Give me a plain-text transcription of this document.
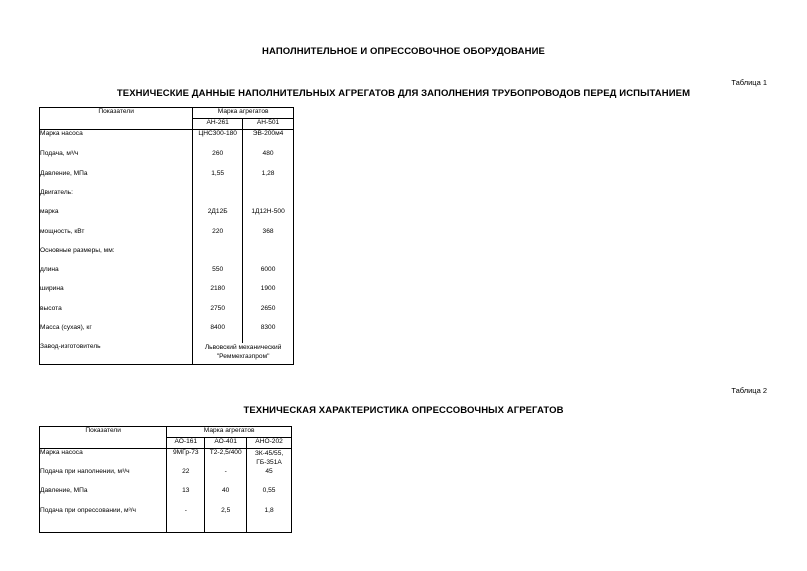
НАПОЛНИТЕЛЬНОЕ И ОПРЕССОВОЧНОЕ ОБОРУДОВАНИЕ
Таблица 1
ТЕХНИЧЕСКИЕ ДАННЫЕ НАПОЛНИТЕЛЬНЫХ АГРЕГАТОВ ДЛЯ ЗАПОЛНЕНИЯ ТРУБОПРОВОДОВ ПЕРЕД ИСПЫТАНИЕМ
Показатели	Марка агрегатов	
	АН-261	АН-501
Марка насоса	ЦНС300-180	ЭВ-200м4
Подача, м³/ч	260	480
Давление, МПа	1,55	1,28
Двигатель:		
марка	2Д12Б	1Д12Н-500
мощность, кВт	220	368
Основные размеры, мм:		
длина	550	6000
ширина	2180	1900
высота	2750	2650
Масса (сухая), кг	8400	8300
Завод-изготовитель	Львовский механический "Реммехгазпром"	
Таблица 2
ТЕХНИЧЕСКАЯ ХАРАКТЕРИСТИКА ОПРЕССОВОЧНЫХ АГРЕГАТОВ
Показатели	Марка агрегатов		
	АО-161	АО-401	АНО-202
Марка насоса	9МГр-73	Т2-2,5/400	ЗК-45/55, ГБ-351А
Подача при наполнении, м³/ч	22	-	45
Давление, МПа	13	40	0,55
Подача при опрессовании, м³/ч	-	2,5	1,8
